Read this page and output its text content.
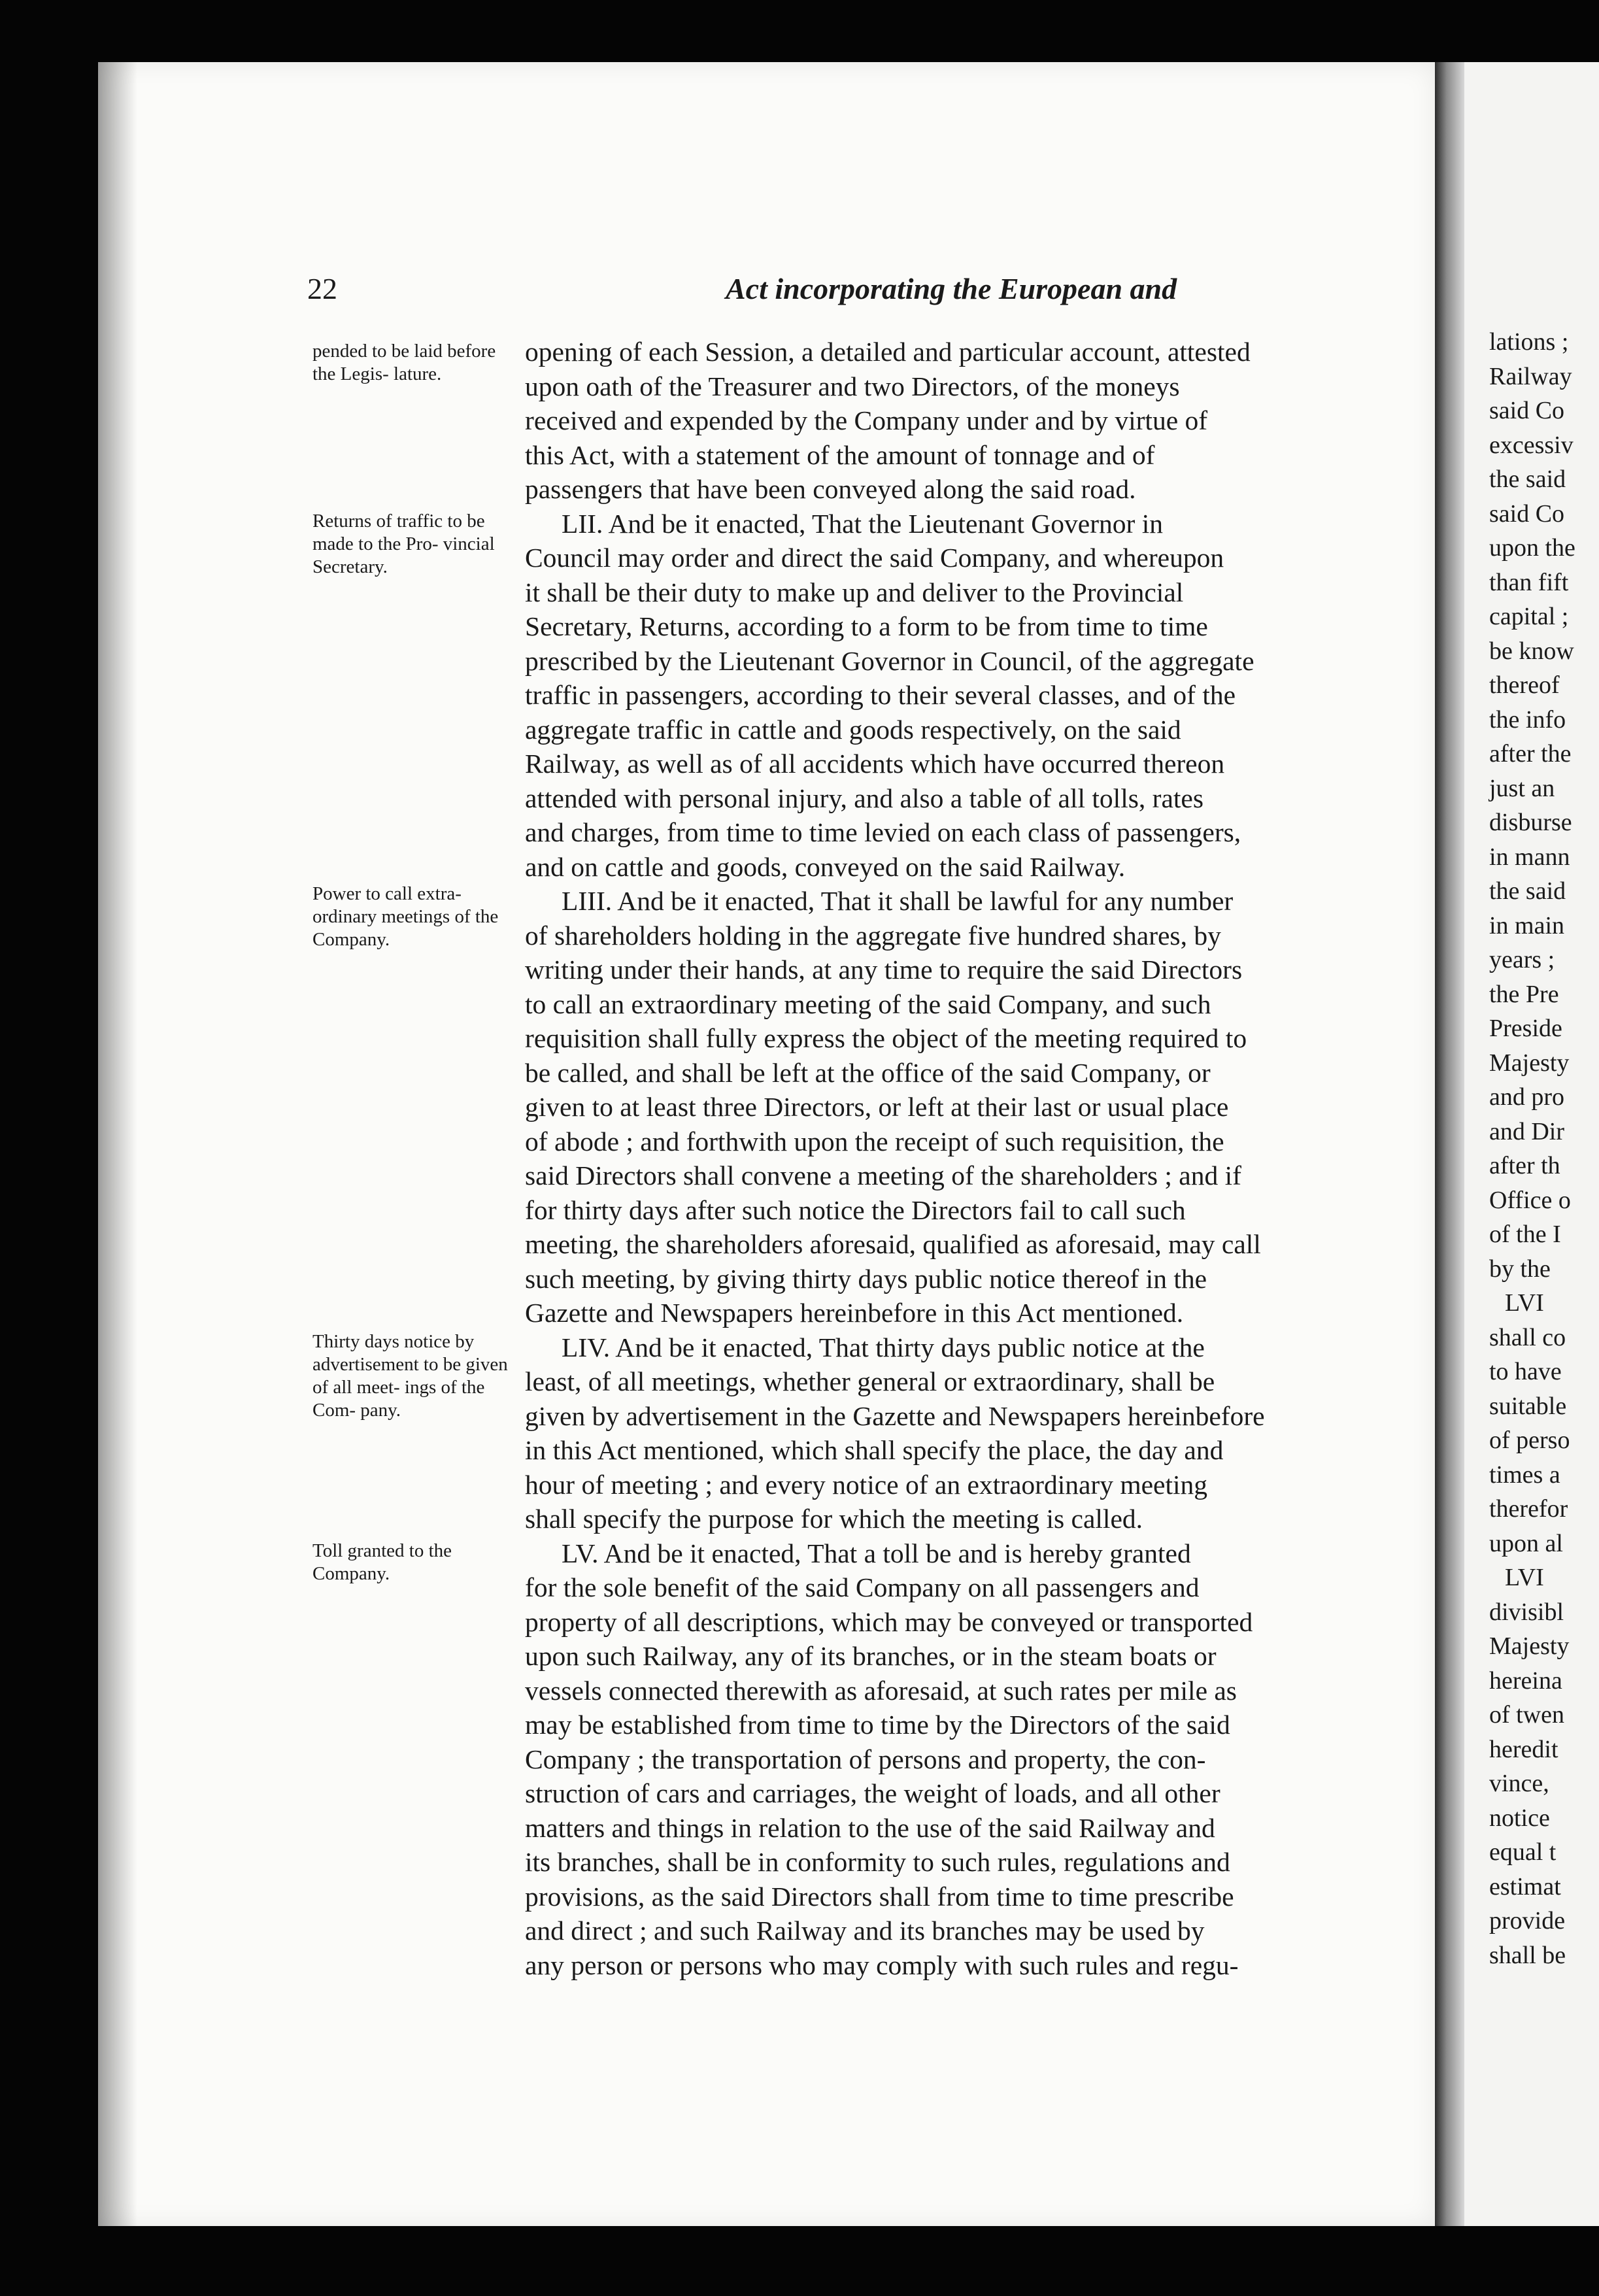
22	Act incorporating the European and
pended to be laid before the Legis- lature.
Returns of traffic to be made to the Pro- vincial Secretary.
Power to call extra- ordinary meetings of the Company.
Thirty days notice by advertisement to be given of all meet- ings of the Com- pany.
Toll granted to the Company.
opening of each Session, a detailed and particular account, attested
upon oath of the Treasurer and two Directors, of the moneys
received and expended by the Company under and by virtue of
this Act, with a statement of the amount of tonnage and of
passengers that have been conveyed along the said road.
LII. And be it enacted, That the Lieutenant Governor in
Council may order and direct the said Company, and whereupon
it shall be their duty to make up and deliver to the Provincial
Secretary, Returns, according to a form to be from time to time
prescribed by the Lieutenant Governor in Council, of the aggregate
traffic in passengers, according to their several classes, and of the
aggregate traffic in cattle and goods respectively, on the said
Railway, as well as of all accidents which have occurred thereon
attended with personal injury, and also a table of all tolls, rates
and charges, from time to time levied on each class of passengers,
and on cattle and goods, conveyed on the said Railway.
LIII. And be it enacted, That it shall be lawful for any number
of shareholders holding in the aggregate five hundred shares, by
writing under their hands, at any time to require the said Directors
to call an extraordinary meeting of the said Company, and such
requisition shall fully express the object of the meeting required to
be called, and shall be left at the office of the said Company, or
given to at least three Directors, or left at their last or usual place
of abode ; and forthwith upon the receipt of such requisition, the
said Directors shall convene a meeting of the shareholders ; and if
for thirty days after such notice the Directors fail to call such
meeting, the shareholders aforesaid, qualified as aforesaid, may call
such meeting, by giving thirty days public notice thereof in the
Gazette and Newspapers hereinbefore in this Act mentioned.
LIV. And be it enacted, That thirty days public notice at the
least, of all meetings, whether general or extraordinary, shall be
given by advertisement in the Gazette and Newspapers hereinbefore
in this Act mentioned, which shall specify the place, the day and
hour of meeting ; and every notice of an extraordinary meeting
shall specify the purpose for which the meeting is called.
LV. And be it enacted, That a toll be and is hereby granted
for the sole benefit of the said Company on all passengers and
property of all descriptions, which may be conveyed or transported
upon such Railway, any of its branches, or in the steam boats or
vessels connected therewith as aforesaid, at such rates per mile as
may be established from time to time by the Directors of the said
Company ; the transportation of persons and property, the con-
struction of cars and carriages, the weight of loads, and all other
matters and things in relation to the use of the said Railway and
its branches, shall be in conformity to such rules, regulations and
provisions, as the said Directors shall from time to time prescribe
and direct ; and such Railway and its branches may be used by
any person or persons who may comply with such rules and regu-
lations ;
Railway
said Co
excessiv
the said
said Co
upon the
than fift
capital ;
be know
thereof
the info
after the
just an
disburse
in mann
the said
in main
years ;
the Pre
Preside
Majesty
and pro
and Dir
after th
Office o
of the I
by the
LVI
shall co
to have
suitable
of perso
times a
therefor
upon al
LVI
divisibl
Majesty
hereina
of twen
heredit
vince,
notice
equal t
estimat
provide
shall be
